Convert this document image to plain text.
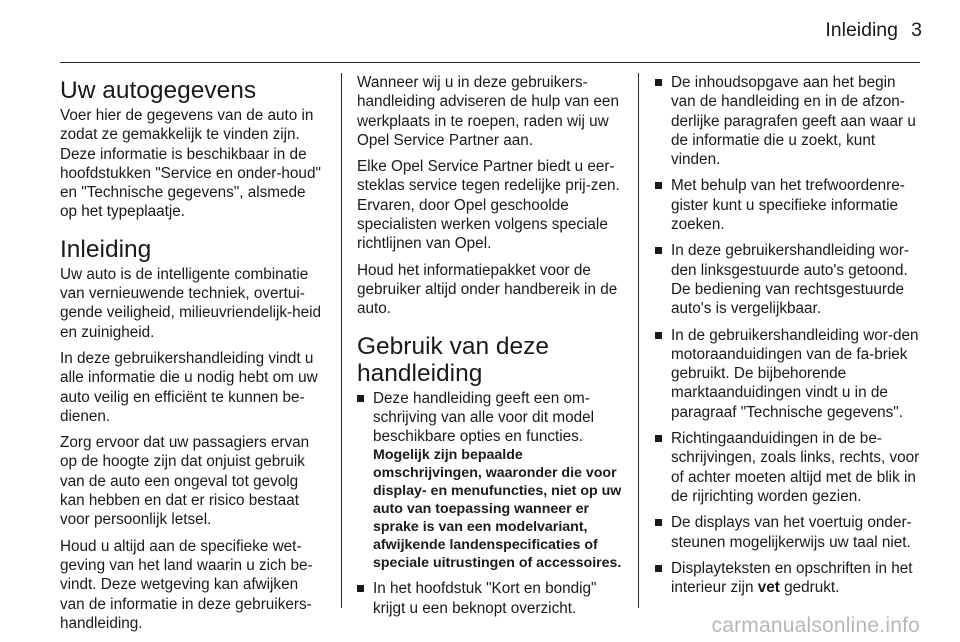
Inleiding 3
Uw autogegevens

Voer hier de gegevens van de auto in zodat ze gemakkelijk te vinden zijn. Deze informatie is beschikbaar in de hoofdstukken "Service en onder-houd" en "Technische gegevens", alsmede op het typeplaatje.

Inleiding

Uw auto is de intelligente combinatie van vernieuwende techniek, overtui-gende veiligheid, milieuvriendelijk-heid en zuinigheid.

In deze gebruikershandleiding vindt u alle informatie die u nodig hebt om uw auto veilig en efficiënt te kunnen be-dienen.

Zorg ervoor dat uw passagiers ervan op de hoogte zijn dat onjuist gebruik van de auto een ongeval tot gevolg kan hebben en dat er risico bestaat voor persoonlijk letsel.

Houd u altijd aan de specifieke wet-geving van het land waarin u zich be-vindt. Deze wetgeving kan afwijken van de informatie in deze gebruikers-handleiding.

Wanneer wij u in deze gebruikers-handleiding adviseren de hulp van een werkplaats in te roepen, raden wij uw Opel Service Partner aan.

Elke Opel Service Partner biedt u eer-steklas service tegen redelijke prij-zen. Ervaren, door Opel geschoolde specialisten werken volgens speciale richtlijnen van Opel.

Houd het informatiepakket voor de gebruiker altijd onder handbereik in de auto.

Gebruik van deze handleiding
Deze handleiding geeft een om-schrijving van alle voor dit model beschikbare opties en functies.
Mogelijk zijn bepaalde omschrijvingen, waaronder die voor display- en menufuncties, niet op uw auto van toepassing wanneer er sprake is van een modelvariant, afwijkende landenspecificaties of speciale uitrustingen of accessoires.
In het hoofdstuk "Kort en bondig" krijgt u een beknopt overzicht.
De inhoudsopgave aan het begin van de handleiding en in de afzon-derlijke paragrafen geeft aan waar u de informatie die u zoekt, kunt vinden.
Met behulp van het trefwoordenre-gister kunt u specifieke informatie zoeken.
In deze gebruikershandleiding wor-den linksgestuurde auto's getoond. De bediening van rechtsgestuurde auto's is vergelijkbaar.
In de gebruikershandleiding wor-den motoraanduidingen van de fa-briek gebruikt. De bijbehorende marktaanduidingen vindt u in de paragraaf "Technische gegevens".
Richtingaanduidingen in de be-schrijvingen, zoals links, rechts, voor of achter moeten altijd met de blik in de rijrichting worden gezien.
De displays van het voertuig onder-steunen mogelijkerwijs uw taal niet.
Displayteksten en opschriften in het interieur zijn vet gedrukt.
carmanualsonline.info
